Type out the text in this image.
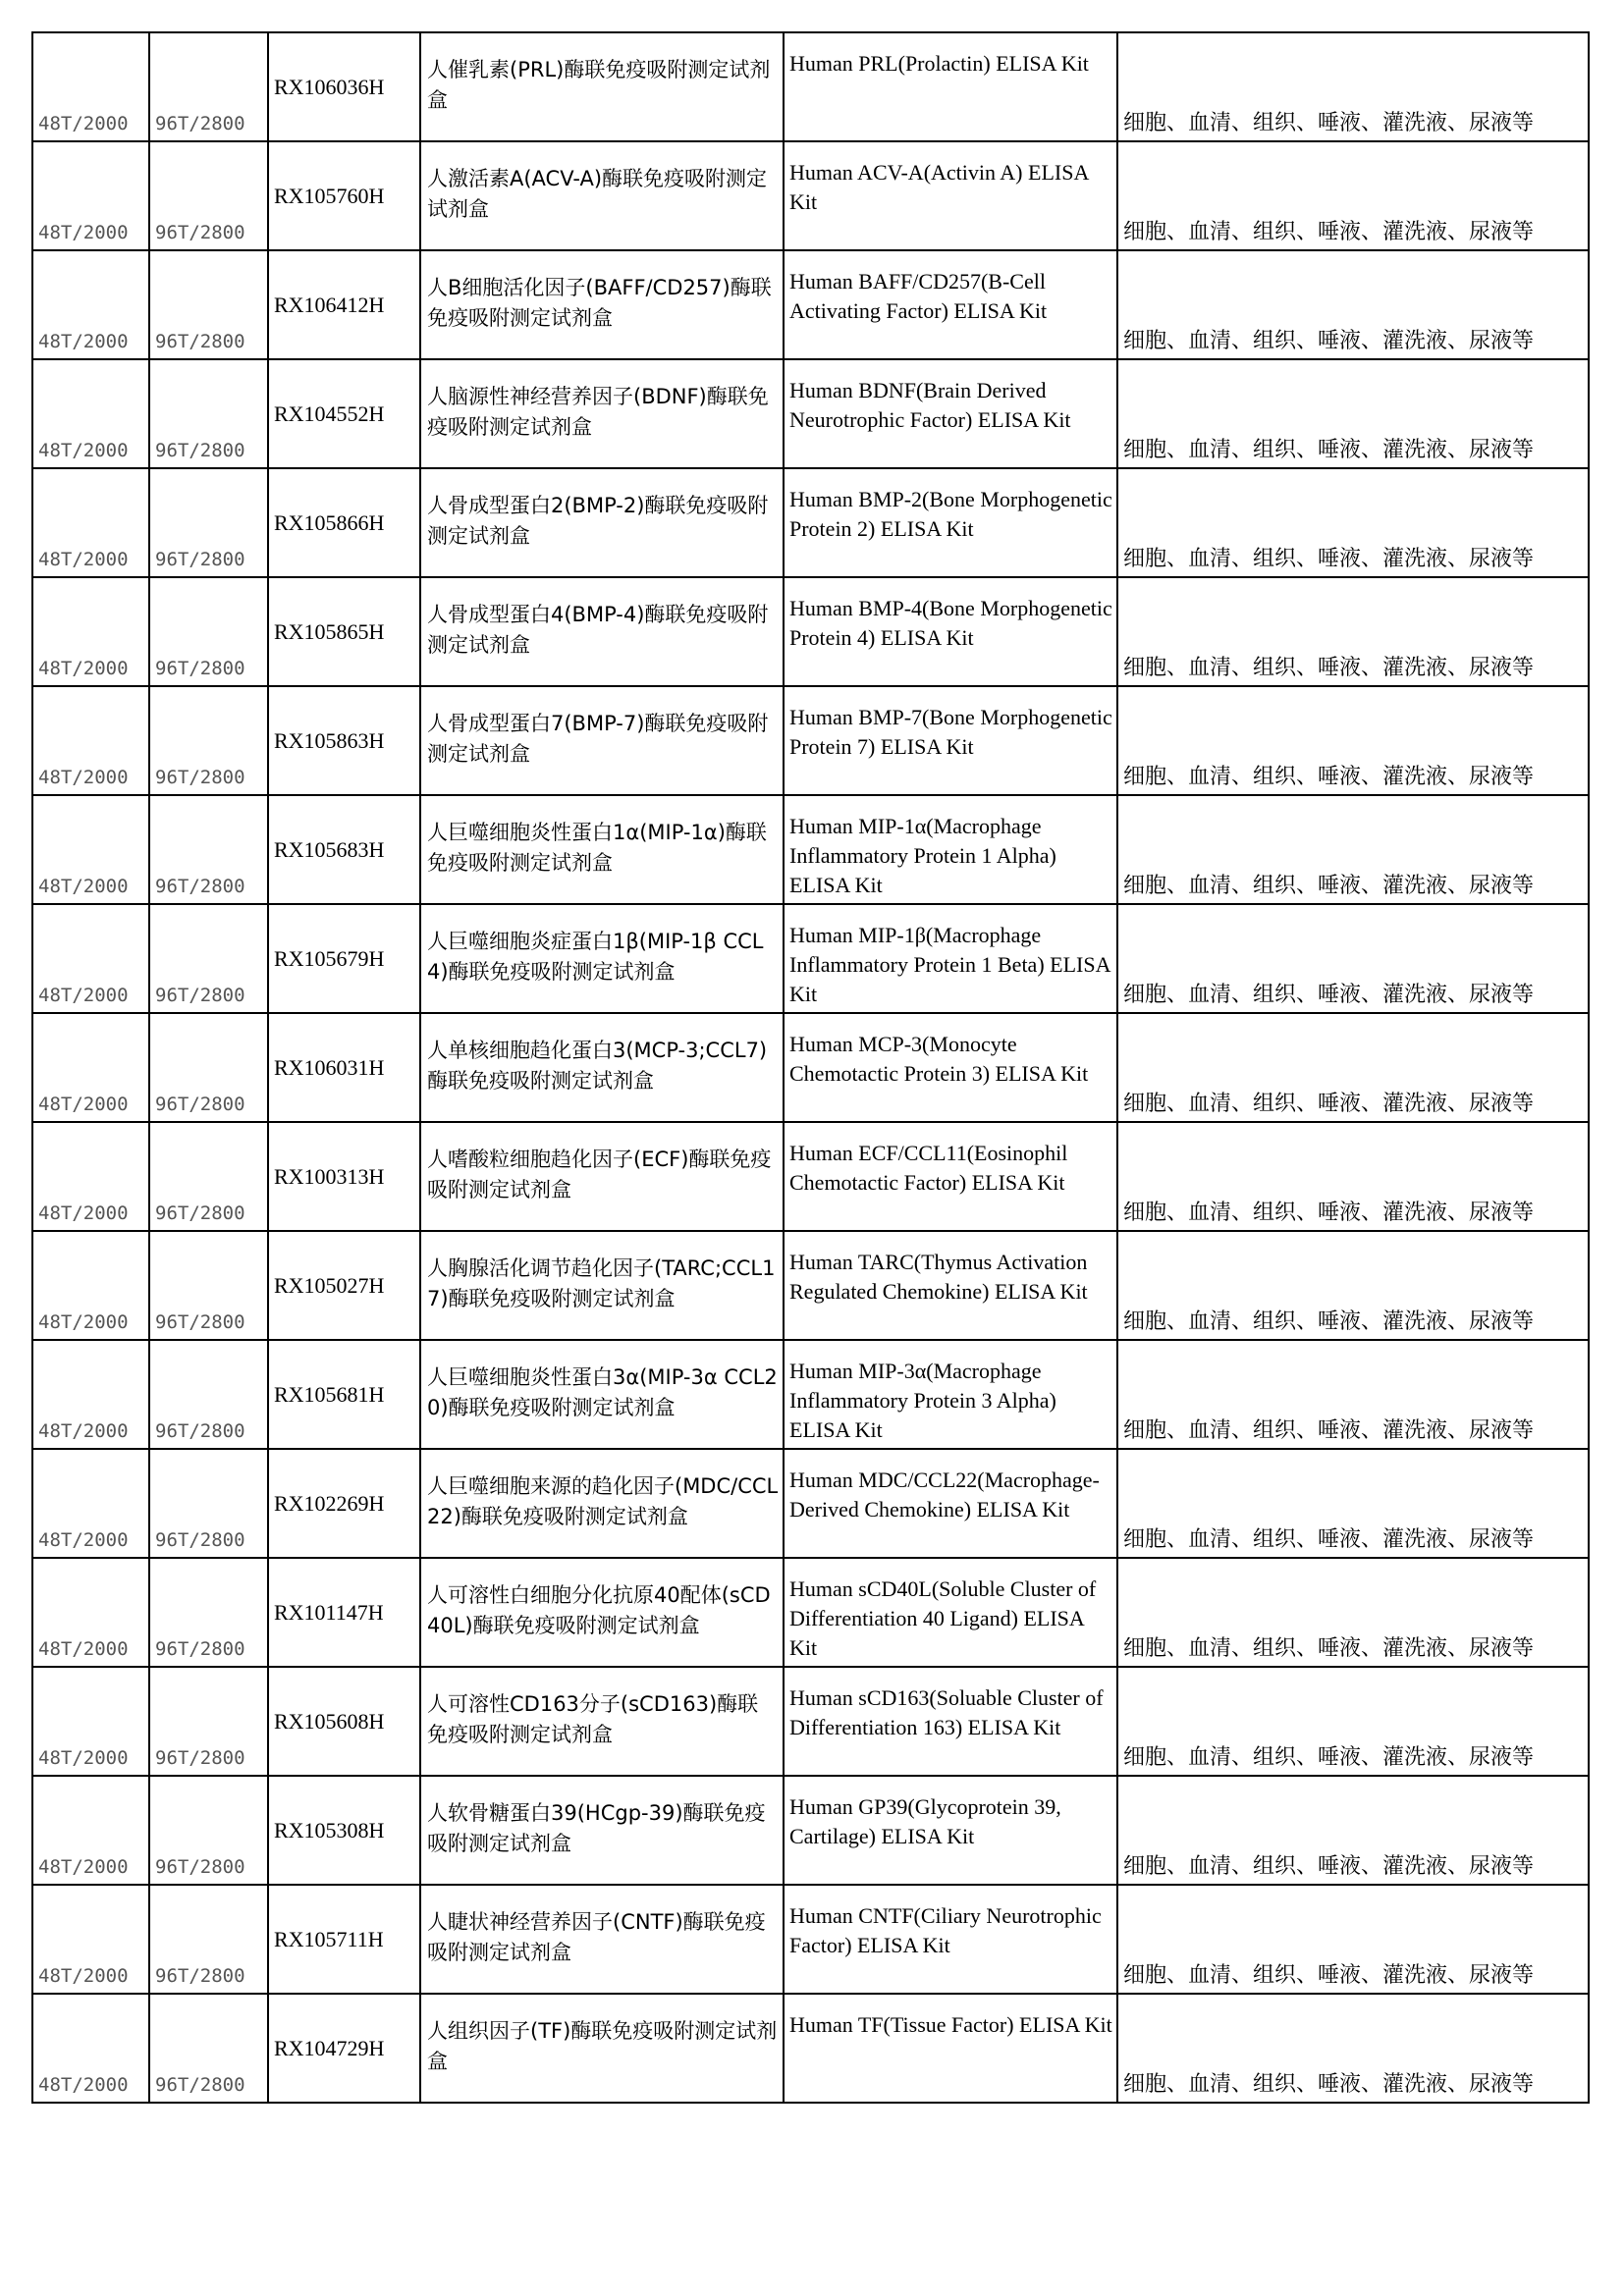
48T/2000	96T/2800	RX106036H	人催乳素(PRL)酶联免疫吸附测定试剂盒	Human PRL(Prolactin) ELISA Kit	细胞、血清、组织、唾液、灌洗液、尿液等

48T/2000	96T/2800	RX105760H	人激活素A(ACV-A)酶联免疫吸附测定试剂盒	Human ACV-A(Activin A) ELISA Kit	细胞、血清、组织、唾液、灌洗液、尿液等

48T/2000	96T/2800	RX106412H	人B细胞活化因子(BAFF/CD257)酶联免疫吸附测定试剂盒	Human BAFF/CD257(B-Cell Activating Factor) ELISA Kit	细胞、血清、组织、唾液、灌洗液、尿液等

48T/2000	96T/2800	RX104552H	人脑源性神经营养因子(BDNF)酶联免疫吸附测定试剂盒	Human BDNF(Brain Derived Neurotrophic Factor) ELISA Kit	细胞、血清、组织、唾液、灌洗液、尿液等

48T/2000	96T/2800	RX105866H	人骨成型蛋白2(BMP-2)酶联免疫吸附测定试剂盒	Human BMP-2(Bone Morphogenetic Protein 2) ELISA Kit	细胞、血清、组织、唾液、灌洗液、尿液等

48T/2000	96T/2800	RX105865H	人骨成型蛋白4(BMP-4)酶联免疫吸附测定试剂盒	Human BMP-4(Bone Morphogenetic Protein 4) ELISA Kit	细胞、血清、组织、唾液、灌洗液、尿液等

48T/2000	96T/2800	RX105863H	人骨成型蛋白7(BMP-7)酶联免疫吸附测定试剂盒	Human BMP-7(Bone Morphogenetic Protein 7) ELISA Kit	细胞、血清、组织、唾液、灌洗液、尿液等

48T/2000	96T/2800	RX105683H	人巨噬细胞炎性蛋白1α(MIP-1α)酶联免疫吸附测定试剂盒	Human MIP-1α(Macrophage Inflammatory Protein 1 Alpha) ELISA Kit	细胞、血清、组织、唾液、灌洗液、尿液等

48T/2000	96T/2800	RX105679H	人巨噬细胞炎症蛋白1β(MIP-1β CCL4)酶联免疫吸附测定试剂盒	Human MIP-1β(Macrophage Inflammatory Protein 1 Beta) ELISA Kit	细胞、血清、组织、唾液、灌洗液、尿液等

48T/2000	96T/2800	RX106031H	人单核细胞趋化蛋白3(MCP-3;CCL7)酶联免疫吸附测定试剂盒	Human MCP-3(Monocyte Chemotactic Protein 3) ELISA Kit	细胞、血清、组织、唾液、灌洗液、尿液等

48T/2000	96T/2800	RX100313H	人嗜酸粒细胞趋化因子(ECF)酶联免疫吸附测定试剂盒	Human ECF/CCL11(Eosinophil Chemotactic Factor) ELISA Kit	细胞、血清、组织、唾液、灌洗液、尿液等

48T/2000	96T/2800	RX105027H	人胸腺活化调节趋化因子(TARC;CCL17)酶联免疫吸附测定试剂盒	Human TARC(Thymus Activation Regulated Chemokine) ELISA Kit	细胞、血清、组织、唾液、灌洗液、尿液等

48T/2000	96T/2800	RX105681H	人巨噬细胞炎性蛋白3α(MIP-3α CCL20)酶联免疫吸附测定试剂盒	Human MIP-3α(Macrophage Inflammatory Protein 3 Alpha) ELISA Kit	细胞、血清、组织、唾液、灌洗液、尿液等

48T/2000	96T/2800	RX102269H	人巨噬细胞来源的趋化因子(MDC/CCL22)酶联免疫吸附测定试剂盒	Human MDC/CCL22(Macrophage-Derived Chemokine) ELISA Kit	细胞、血清、组织、唾液、灌洗液、尿液等

48T/2000	96T/2800	RX101147H	人可溶性白细胞分化抗原40配体(sCD40L)酶联免疫吸附测定试剂盒	Human sCD40L(Soluble Cluster of Differentiation 40 Ligand) ELISA Kit	细胞、血清、组织、唾液、灌洗液、尿液等

48T/2000	96T/2800	RX105608H	人可溶性CD163分子(sCD163)酶联免疫吸附测定试剂盒	Human sCD163(Soluable Cluster of Differentiation 163) ELISA Kit	细胞、血清、组织、唾液、灌洗液、尿液等

48T/2000	96T/2800	RX105308H	人软骨糖蛋白39(HCgp-39)酶联免疫吸附测定试剂盒	Human GP39(Glycoprotein 39, Cartilage) ELISA Kit	细胞、血清、组织、唾液、灌洗液、尿液等

48T/2000	96T/2800	RX105711H	人睫状神经营养因子(CNTF)酶联免疫吸附测定试剂盒	Human CNTF(Ciliary Neurotrophic Factor) ELISA Kit	细胞、血清、组织、唾液、灌洗液、尿液等

48T/2000	96T/2800	RX104729H	人组织因子(TF)酶联免疫吸附测定试剂盒	Human TF(Tissue Factor) ELISA Kit	细胞、血清、组织、唾液、灌洗液、尿液等
